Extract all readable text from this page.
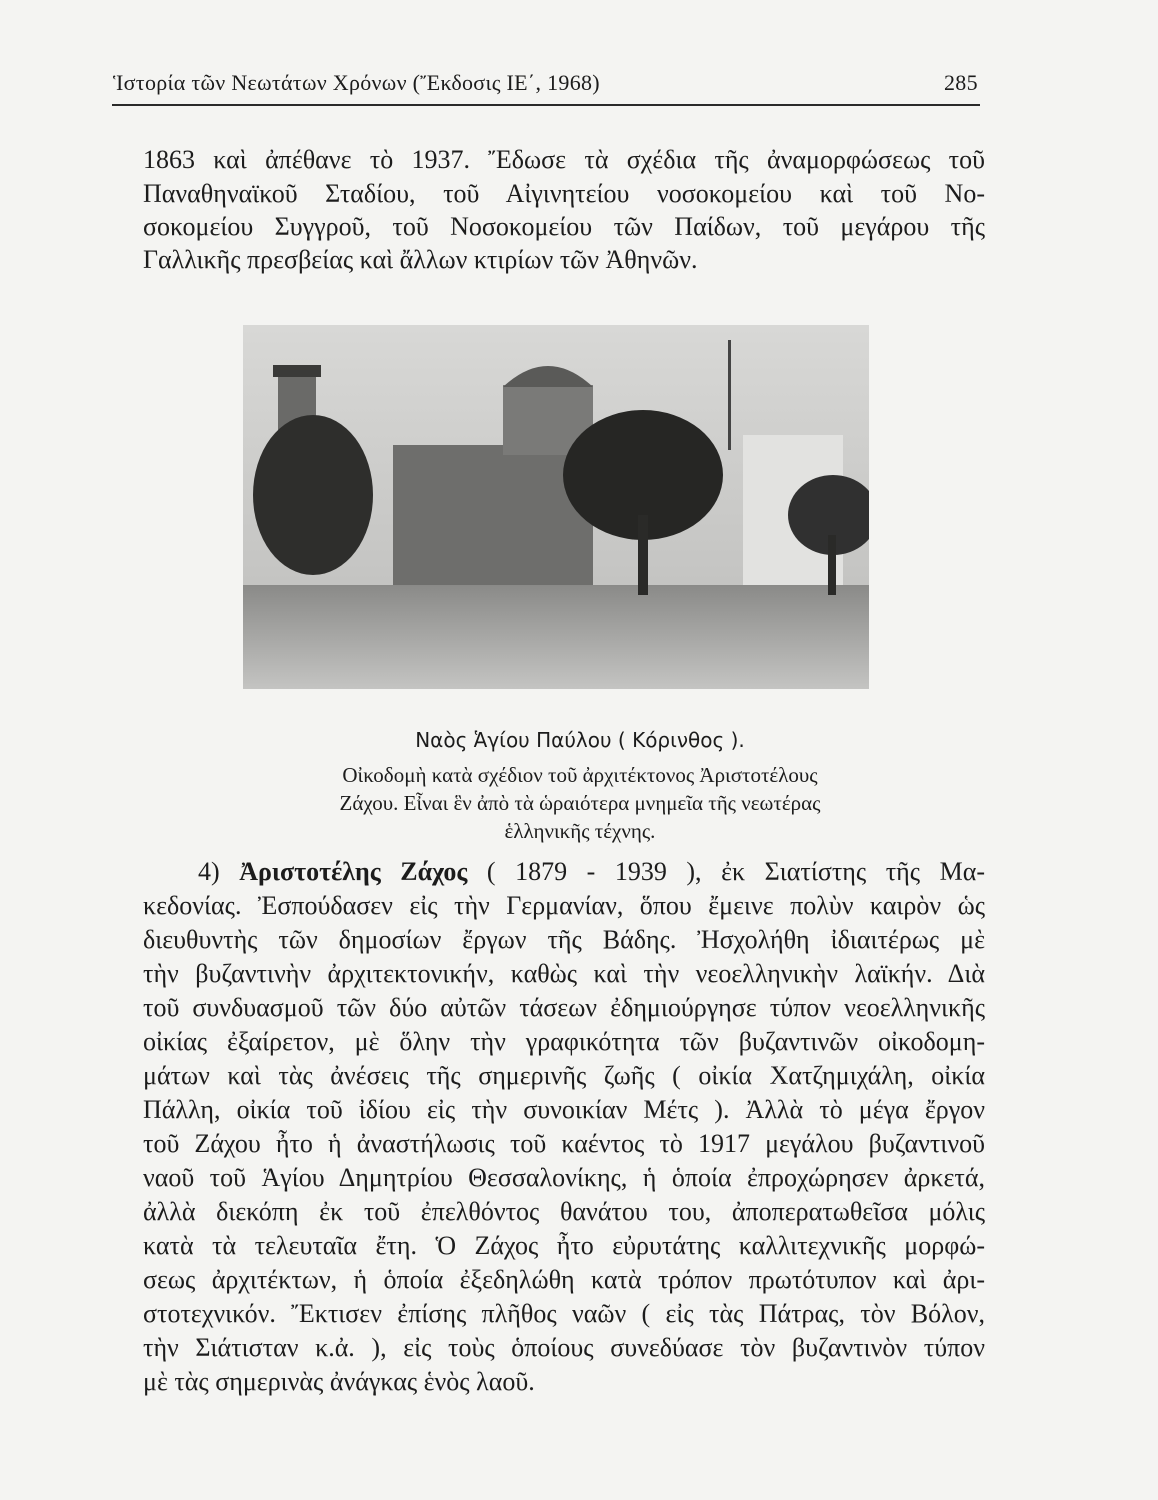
Ἱστορία τῶν Νεωτάτων Χρόνων (Ἔκδοσις ΙΕ΄, 1968)	285
1863 καὶ ἀπέθανε τὸ 1937. Ἔδωσε τὰ σχέδια τῆς ἀναμορφώσεως τοῦ
Παναθηναϊκοῦ Σταδίου, τοῦ Αἰγινητείου νοσοκομείου καὶ τοῦ Νο-
σοκομείου Συγγροῦ, τοῦ Νοσοκομείου τῶν Παίδων, τοῦ μεγάρου τῆς
Γαλλικῆς πρεσβείας καὶ ἄλλων κτιρίων τῶν Ἀθηνῶν.
Ναὸς Ἁγίου Παύλου ( Κόρινθος ).
Οἰκοδομὴ κατὰ σχέδιον τοῦ ἀρχιτέκτονος Ἀριστοτέλους
Ζάχου. Εἶναι ἓν ἀπὸ τὰ ὡραιότερα μνημεῖα τῆς νεωτέρας
ἑλληνικῆς τέχνης.
4) Ἀριστοτέλης Ζάχος ( 1879 - 1939 ), ἐκ Σιατίστης τῆς Μα-
κεδονίας. Ἐσπούδασεν εἰς τὴν Γερμανίαν, ὅπου ἔμεινε πολὺν καιρὸν ὡς
διευθυντὴς τῶν δημοσίων ἔργων τῆς Βάδης. Ἠσχολήθη ἰδιαιτέρως μὲ
τὴν βυζαντινὴν ἀρχιτεκτονικήν, καθὼς καὶ τὴν νεοελληνικὴν λαϊκήν. Διὰ
τοῦ συνδυασμοῦ τῶν δύο αὐτῶν τάσεων ἐδημιούργησε τύπον νεοελληνικῆς
οἰκίας ἐξαίρετον, μὲ ὅλην τὴν γραφικότητα τῶν βυζαντινῶν οἰκοδομη-
μάτων καὶ τὰς ἀνέσεις τῆς σημερινῆς ζωῆς ( οἰκία Χατζημιχάλη, οἰκία
Πάλλη, οἰκία τοῦ ἰδίου εἰς τὴν συνοικίαν Μέτς ). Ἀλλὰ τὸ μέγα ἔργον
τοῦ Ζάχου ἦτο ἡ ἀναστήλωσις τοῦ καέντος τὸ 1917 μεγάλου βυζαντινοῦ
ναοῦ τοῦ Ἁγίου Δημητρίου Θεσσαλονίκης, ἡ ὁποία ἐπροχώρησεν ἀρκετά,
ἀλλὰ διεκόπη ἐκ τοῦ ἐπελθόντος θανάτου του, ἀποπερατωθεῖσα μόλις
κατὰ τὰ τελευταῖα ἔτη. Ὁ Ζάχος ἦτο εὐρυτάτης καλλιτεχνικῆς μορφώ-
σεως ἀρχιτέκτων, ἡ ὁποία ἐξεδηλώθη κατὰ τρόπον πρωτότυπον καὶ ἀρι-
στοτεχνικόν. Ἔκτισεν ἐπίσης πλῆθος ναῶν ( εἰς τὰς Πάτρας, τὸν Βόλον,
τὴν Σιάτισταν κ.ἀ. ), εἰς τοὺς ὁποίους συνεδύασε τὸν βυζαντινὸν τύπον
μὲ τὰς σημερινὰς ἀνάγκας ἑνὸς λαοῦ.
